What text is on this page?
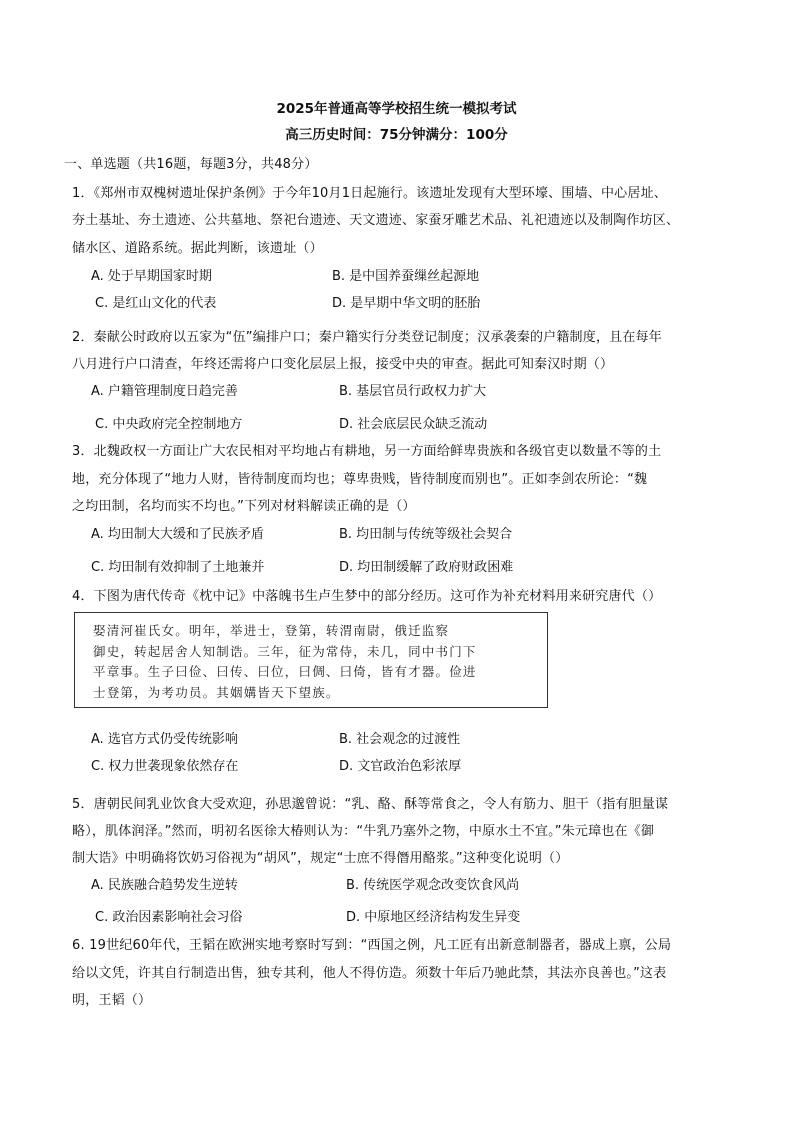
2025年普通高等学校招生统一模拟考试
高三历史时间：75分钟满分：100分
一、单选题（共16题，每题3分，共48分）
1．《郑州市双槐树遗址保护条例》于今年10月1日起施行。该遗址发现有大型环壕、围墙、中心居址、
夯土基址、夯土遗迹、公共墓地、祭祀台遗迹、天文遗迹、家蚕牙雕艺术品、礼祀遗迹以及制陶作坊区、
储水区、道路系统。据此判断，该遗址（）
A. 处于早期国家时期	B. 是中国养蚕缫丝起源地
C. 是红山文化的代表	D. 是早期中华文明的胚胎
2．秦献公时政府以五家为“伍”编排户口；秦户籍实行分类登记制度；汉承袭秦的户籍制度，且在每年
八月进行户口清查，年终还需将户口变化层层上报，接受中央的审查。据此可知秦汉时期（）
A. 户籍管理制度日趋完善	B. 基层官员行政权力扩大
C. 中央政府完全控制地方	D. 社会底层民众缺乏流动
3．北魏政权一方面让广大农民相对平均地占有耕地，另一方面给鲜卑贵族和各级官吏以数量不等的土
地，充分体现了“地力人财，皆待制度而均也；尊卑贵贱，皆待制度而别也”。正如李剑农所论：“魏
之均田制，名均而实不均也。”下列对材料解读正确的是（）
A. 均田制大大缓和了民族矛盾	B. 均田制与传统等级社会契合
C. 均田制有效抑制了土地兼并	D. 均田制缓解了政府财政困难
4．下图为唐代传奇《枕中记》中落魄书生卢生梦中的部分经历。这可作为补充材料用来研究唐代（）
娶清河崔氏女。明年，举进士，登第，转渭南尉，俄迁监察
御史，转起居舍人知制诰。三年，征为常侍，未几，同中书门下
平章事。生子曰俭、曰传、曰位，曰倜、曰倚，皆有才器。俭进
士登第，为考功员。其姻媾皆天下望族。
A. 选官方式仍受传统影响	B. 社会观念的过渡性
C. 权力世袭现象依然存在	D. 文官政治色彩浓厚
5．唐朝民间乳业饮食大受欢迎，孙思邈曾说：“乳、酪、酥等常食之，令人有筋力、胆干（指有胆量谋
略），肌体润泽。”然而，明初名医徐大椿则认为：“牛乳乃塞外之物，中原水土不宜。”朱元璋也在《御
制大诰》中明确将饮奶习俗视为“胡风”，规定“士庶不得僭用酪浆。”这种变化说明（）
A. 民族融合趋势发生逆转	B. 传统医学观念改变饮食风尚
C. 政治因素影响社会习俗	D. 中原地区经济结构发生异变
6. 19世纪60年代，王韬在欧洲实地考察时写到：“西国之例，凡工匠有出新意制器者，器成上禀，公局
给以文凭，许其自行制造出售，独专其利，他人不得仿造。须数十年后乃驰此禁，其法亦良善也。”这表
明，王韬（）
